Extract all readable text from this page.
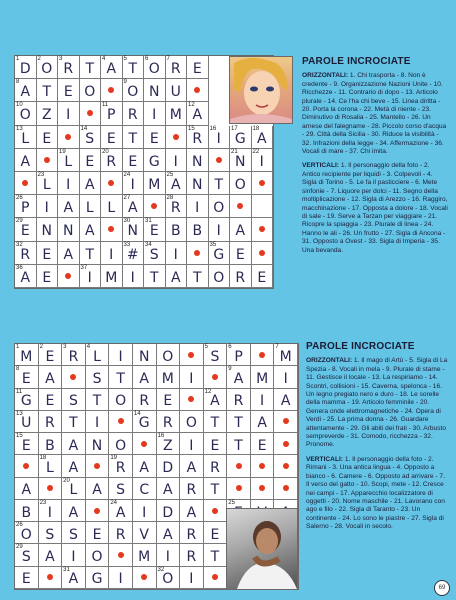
1
D
2
O
3
R T
4
A
5
T
6
O
7
R E
8
A T E O
9
O N U
10
O Z	I
11
P R	I M
12
A
13
L E
14
S E T E
15
R
16
I
17
G
18
A
A
19
L E
20
R E G	I	N
21
N
22
I
23
L	I	A
24
I M
25
A N T O
26
P	I	A L L
27
A
28
R	I O
29
E N N A
30
N
31
E B B	I	A
32
R E A T	I
33
#
34
S	I
35
G E
36
A E
37
I M I	T A T O R E
PAROLE INCROCIATE

ORIZZONTALI: 1. Chi trasporta - 8. Non è credente - 9. Organizzazione Nazioni Unite - 10. Ricchezze - 11. Contrario di dopo - 13. Articolo plurale - 14. Ce l'ha chi beve - 15. Linea diritta - 20. Porta la corona - 22. Metà di niente - 23. Diminutivo di Rosalia - 25. Mantello - 26. Un arnese del falegname - 28. Piccolo corso d'acqua - 29. Città della Sicilia - 30. Riduce la visibilità - 32. Infrazioni della legge - 34. Affermazione - 36. Vocali di mare - 37. Chi imita.

VERTICALI: 1. Il personaggio della foto - 2. Antico recipiente per liquidi - 3. Colpevoli - 4. Sigla di Torino - 5. Le fa il pasticciere - 6. Mete sinfonie - 7. Liquore per dolci - 11. Segno della moltiplicazione - 12. Sigla di Arezzo - 16. Raggiro, macchinazione - 17. Opposta a dolore - 18. Vocali di sale - 19. Serve a Tarzan per viaggiare - 21. Ricopre la spiaggia - 23. Plurale di linea - 24. Hanno le ali - 26. Un frutto - 27. Sigla di Ancona - 31. Opposto a Ovest - 33. Sigla di Imperia - 35. Una bevanda.

1
M
2
E
3
R
4
L	I	N O
5
S
6
P
7
M
8
E	A	S	T	A M	I
9
A M	I
11
G E	S	T O R	E
12
A R	I	A
13
U R	T	I
14
G R O T	T	A
15
E	B A N O
16
Z	I	E	T	E
18
L	A
19
R A D A R
A
20
L	A	S	C A R	T
B
23
I	A
24
A	I	D A
25
26
O S	S	E	R V	A R	E
29
S	A	I	O	M	I	R	T
E
31
A G	I
32
O	I
PAROLE INCROCIATE

ORIZZONTALI: 1. Il mago di Artù - 5. Sigla di La Spezia - 8. Vocali in mela - 9. Plurale di stame - 11. Gestisce il locale - 13. La respiriamo - 14. Scontri, collisioni - 15. Caverna, spelonca - 16. Un legno pregiato nero e duro - 18. Le sorelle della mamma - 19. Articolo femminile - 20. Genera onde elettromagnetiche - 24. Opera di Verdi - 25. La prima donna - 26. Guardare attentamente - 29. Gli abiti dei frati - 30. Arbusto sempreverde - 31. Comodo, ricchezza - 32. Pronome.

VERTICALI: 1. Il personaggio della foto - 2. Rimani - 3. Una antica lingua - 4. Opposto a bianco - 6. Camere - 6. Opposto ad arrivare - 7. Il verso del gatto - 10. Scopi, mete - 12. Cresce nei campi - 17. Apparecchio localizzatore di oggetti - 20. Nome maschile - 21. Lavorano con ago e filo - 22. Sigla di Taranto - 23. Un continente - 24. Lo sono le piastre - 27. Sigla di Salerno - 28. Vocali in secolo.

69
